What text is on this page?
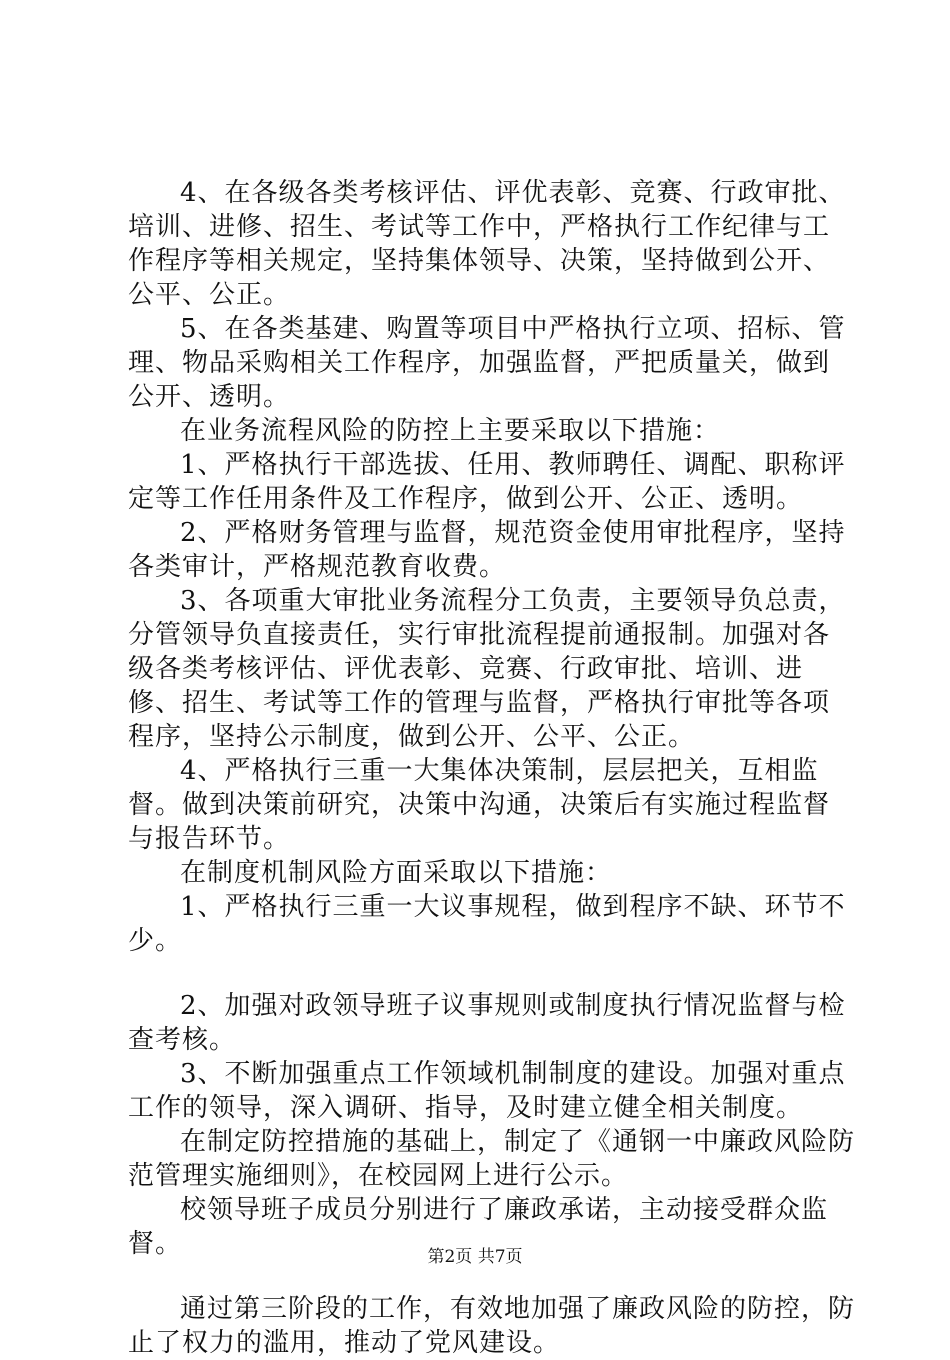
4、在各级各类考核评估、评优表彰、竞赛、行政审批、培训、进修、招生、考试等工作中，严格执行工作纪律与工作程序等相关规定，坚持集体领导、决策，坚持做到公开、公平、公正。

5、在各类基建、购置等项目中严格执行立项、招标、管理、物品采购相关工作程序，加强监督，严把质量关，做到公开、透明。

在业务流程风险的防控上主要采取以下措施：

1、严格执行干部选拔、任用、教师聘任、调配、职称评定等工作任用条件及工作程序，做到公开、公正、透明。

2、严格财务管理与监督，规范资金使用审批程序，坚持各类审计，严格规范教育收费。

3、各项重大审批业务流程分工负责，主要领导负总责，分管领导负直接责任，实行审批流程提前通报制。加强对各级各类考核评估、评优表彰、竞赛、行政审批、培训、进修、招生、考试等工作的管理与监督，严格执行审批等各项程序，坚持公示制度，做到公开、公平、公正。

4、严格执行三重一大集体决策制，层层把关，互相监督。做到决策前研究，决策中沟通，决策后有实施过程监督与报告环节。

在制度机制风险方面采取以下措施：

1、严格执行三重一大议事规程，做到程序不缺、环节不少。

2、加强对政领导班子议事规则或制度执行情况监督与检查考核。

3、不断加强重点工作领域机制制度的建设。加强对重点工作的领导，深入调研、指导，及时建立健全相关制度。

在制定防控措施的基础上，制定了《通钢一中廉政风险防范管理实施细则》，在校园网上进行公示。

校领导班子成员分别进行了廉政承诺，主动接受群众监督。

通过第三阶段的工作，有效地加强了廉政风险的防控，防止了权力的滥用，推动了党风建设。

第2页 共7页
